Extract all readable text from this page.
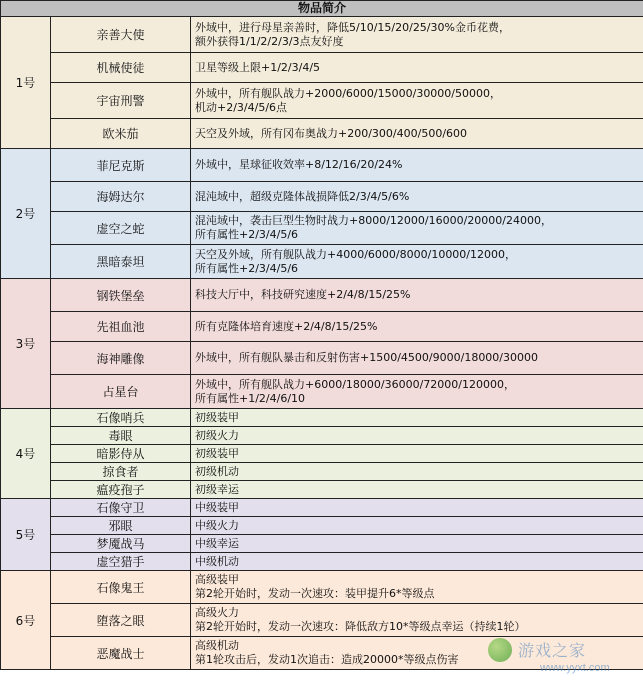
物品简介		
1号	亲善大使	外域中，进行母星亲善时，降低5/10/15/20/25/30%金币花费，
额外获得1/1/2/2/3/3点友好度

	机械使徒	卫星等级上限+1/2/3/4/5

	宇宙刑警	外域中，所有舰队战力+2000/6000/15000/30000/50000，
机动+2/3/4/5/6点

	欧米茄	天空及外域，所有冈布奥战力+200/300/400/500/600

2号	菲尼克斯	外域中，星球征收效率+8/12/16/20/24%

	海姆达尔	混沌域中，超级克隆体战损降低2/3/4/5/6%

	虚空之蛇	混沌域中，袭击巨型生物时战力+8000/12000/16000/20000/24000，
所有属性+2/3/4/5/6

	黑暗泰坦	天空及外域，所有舰队战力+4000/6000/8000/10000/12000，
所有属性+2/3/4/5/6

3号	钢铁堡垒	科技大厅中，科技研究速度+2/4/8/15/25%

	先祖血池	所有克隆体培育速度+2/4/8/15/25%

	海神雕像	外域中，所有舰队暴击和反射伤害+1500/4500/9000/18000/30000

	占星台	外域中，所有舰队战力+6000/18000/36000/72000/120000，
所有属性+1/2/4/6/10

4号	石像哨兵	初级装甲

	毒眼	初级火力

	暗影侍从	初级装甲

	掠食者	初级机动

	瘟疫孢子	初级幸运

5号	石像守卫	中级装甲

	邪眼	中级火力

	梦魇战马	中级幸运

	虚空猎手	中级机动

6号	石像鬼王	高级装甲
第2轮开始时，发动一次速攻：装甲提升6*等级点

	堕落之眼	高级火力
第2轮开始时，发动一次速攻：降低敌方10*等级点幸运（持续1轮）

	恶魔战士	高级机动
第1轮攻击后，发动1次追击：造成20000*等级点伤害	游戏之家
www.yyxt.com
